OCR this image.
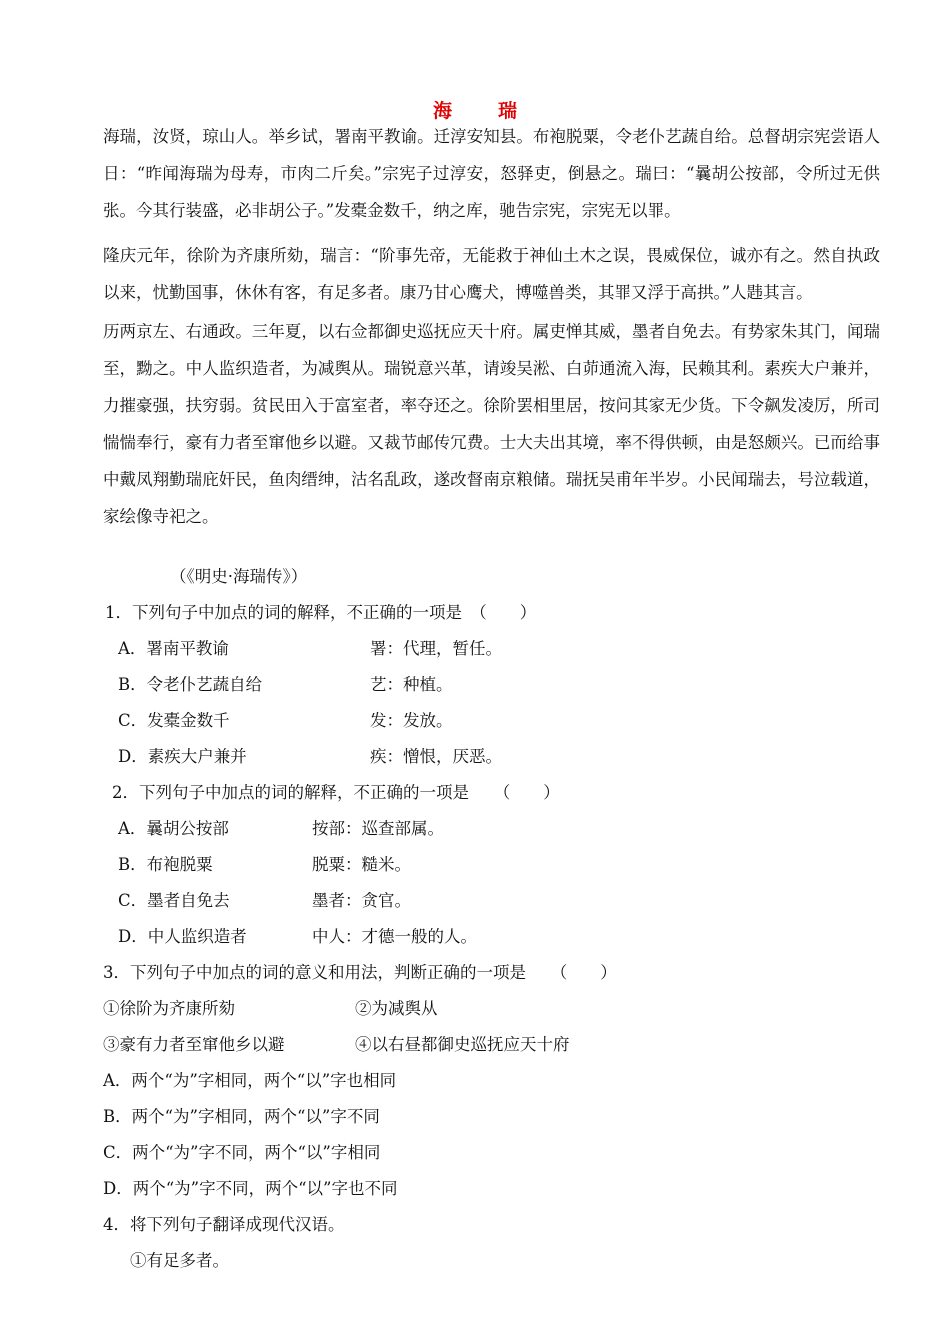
海 瑞

海瑞，汝贤，琼山人。举乡试，署南平教谕。迁淳安知县。布袍脱粟，令老仆艺蔬自给。总督胡宗宪尝语人日：“昨闻海瑞为母寿，市肉二斤矣。”宗宪子过淳安，怒驿吏，倒悬之。瑞曰：“曩胡公按部，令所过无供张。今其行装盛，必非胡公子。”发橐金数千，纳之库，驰告宗宪，宗宪无以罪。

隆庆元年，徐阶为齐康所劾，瑞言：“阶事先帝，无能救于神仙土木之误，畏威保位，诚亦有之。然自执政以来，忧勤国事，休休有客，有足多者。康乃甘心鹰犬，博噬兽类，其罪又浮于高拱。”人韪其言。

历两京左、右通政。三年夏，以右佥都御史巡抚应天十府。属吏惮其威，墨者自免去。有势家朱其门，闻瑞至，黝之。中人监织造者，为减舆从。瑞锐意兴革，请竣吴淞、白茆通流入海，民赖其利。素疾大户兼并，力摧豪强，扶穷弱。贫民田入于富室者，率夺还之。徐阶罢相里居，按问其家无少货。下令飙发凌厉，所司惴惴奉行，豪有力者至窜他乡以避。又裁节邮传冗费。士大夫出其境，率不得供顿，由是怒颇兴。已而给事中戴凤翔勤瑞庇奸民，鱼肉缙绅，沽名乱政，遂改督南京粮储。瑞抚吴甫年半岁。小民闻瑞去，号泣载道，家绘像寺祀之。

（《明史·海瑞传》）
1．下列句子中加点的词的解释，不正确的一项是　（　　）
A．署南平教谕	署：代理，暂任。
B．令老仆艺蔬自给	艺：种植。
C．发橐金数千	发：发放。
D．素疾大户兼并	疾：憎恨，厌恶。
2．下列句子中加点的词的解释，不正确的一项是　　（　　）
A．曩胡公按部	按部：巡查部属。
B．布袍脱粟	脱粟：糙米。
C．墨者自免去	墨者：贪官。
D．中人监织造者	中人：才德一般的人。
3．下列句子中加点的词的意义和用法，判断正确的一项是　　（　　）
①徐阶为齐康所劾	②为减舆从
③豪有力者至窜他乡以避	④以右昼都御史巡抚应天十府
A．两个“为”字相同，两个“以”字也相同
B．两个“为”字相同，两个“以”字不同
C．两个“为”字不同，两个“以”字相同
D．两个“为”字不同，两个“以”字也不同
4．将下列句子翻译成现代汉语。
①有足多者。
